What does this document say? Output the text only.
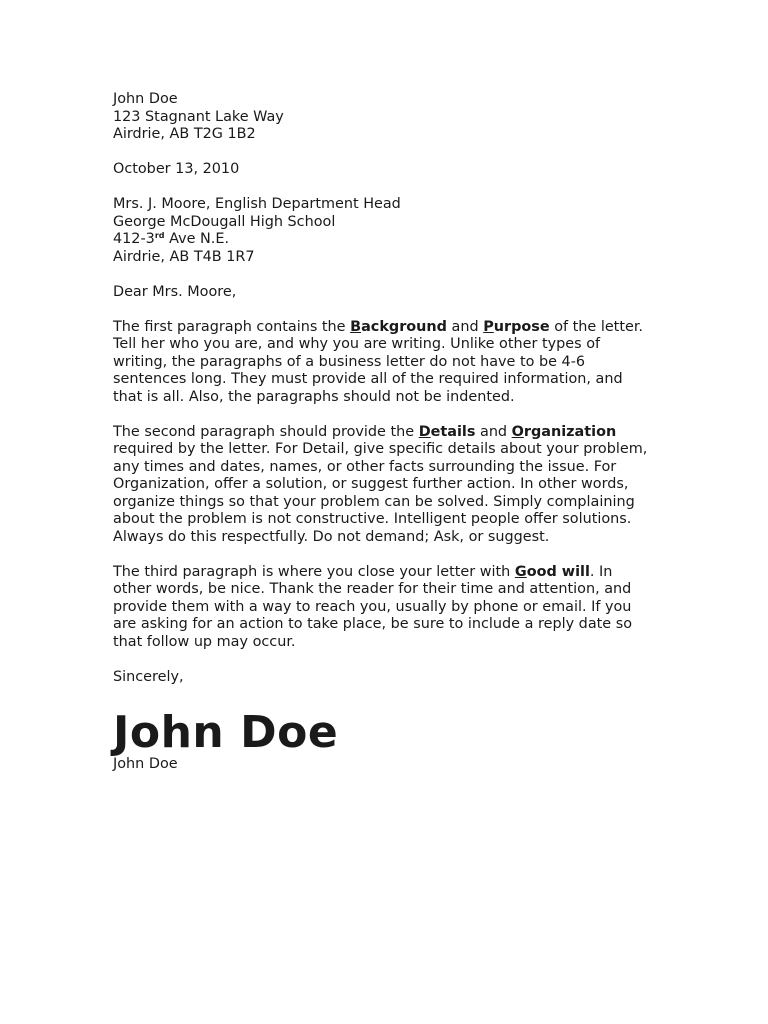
John Doe
123 Stagnant Lake Way
Airdrie, AB T2G 1B2
October 13, 2010
Mrs. J. Moore, English Department Head
George McDougall High School
412-3rd Ave N.E.
Airdrie, AB T4B 1R7
Dear Mrs. Moore,

The first paragraph contains the Background and Purpose of the letter. Tell her who you are, and why you are writing. Unlike other types of writing, the paragraphs of a business letter do not have to be 4-6 sentences long. They must provide all of the required information, and that is all. Also, the paragraphs should not be indented.

The second paragraph should provide the Details and Organization required by the letter. For Detail, give specific details about your problem, any times and dates, names, or other facts surrounding the issue. For Organization, offer a solution, or suggest further action. In other words, organize things so that your problem can be solved. Simply complaining about the problem is not constructive. Intelligent people offer solutions. Always do this respectfully. Do not demand; Ask, or suggest.

The third paragraph is where you close your letter with Good will. In other words, be nice. Thank the reader for their time and attention, and provide them with a way to reach you, usually by phone or email. If you are asking for an action to take place, be sure to include a reply date so that follow up may occur.

Sincerely,
John Doe
John Doe
